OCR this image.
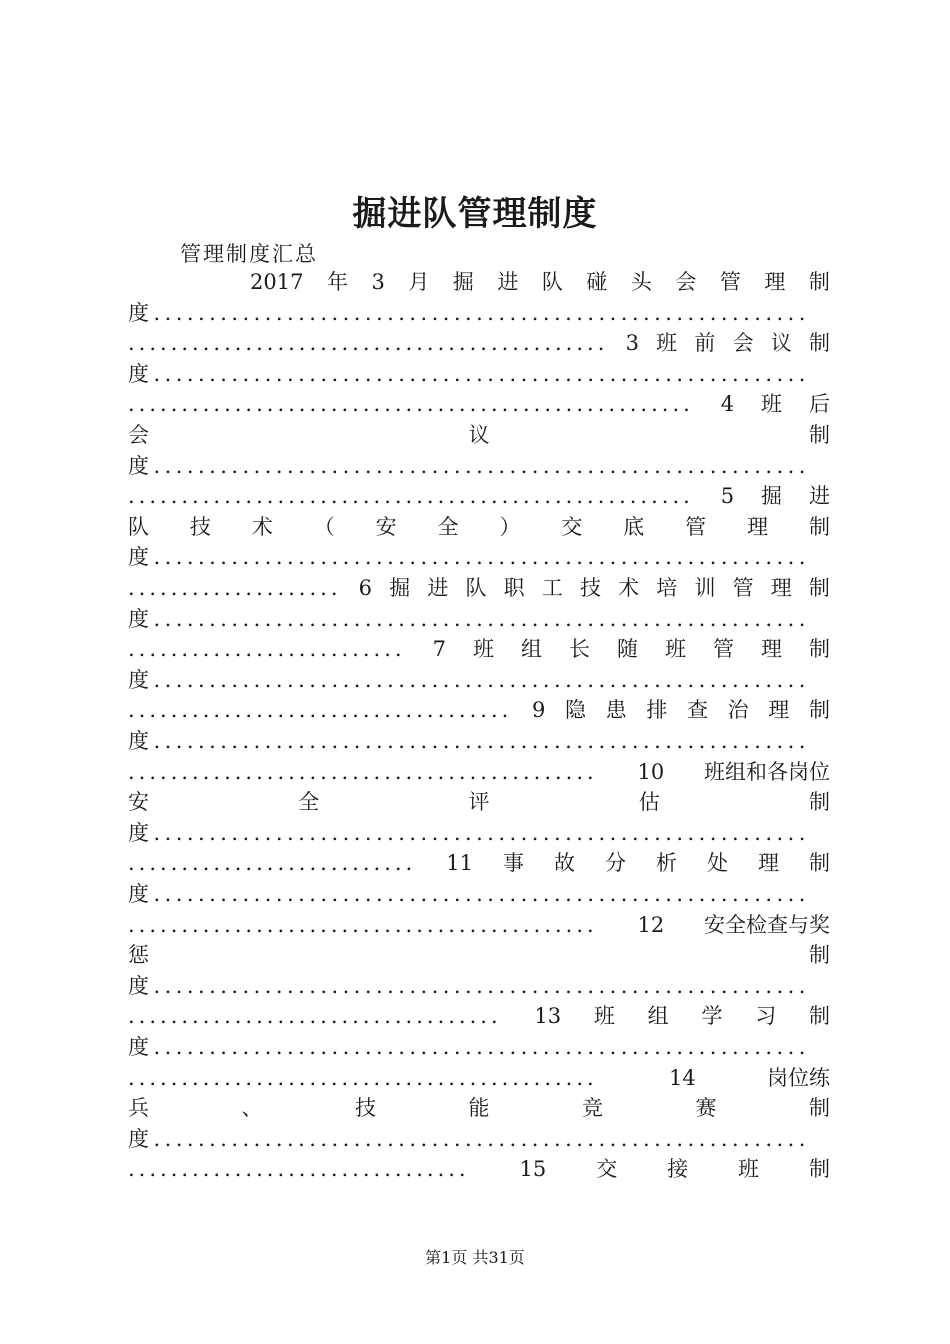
掘进队管理制度
管理制度汇总
2017 年 3 月 掘 进 队 碰 头 会 管 理 制
度...........................................................
............................................. 3 班 前 会 议 制
度...........................................................
..................................................... 4 班 后
会	议	制
度...........................................................
..................................................... 5 掘 进
队 技 术 （ 安 全 ） 交 底 管 理 制
度...........................................................
.................... 6 掘 进 队 职 工 技 术 培 训 管 理 制
度...........................................................
.......................... 7 班 组 长 随 班 管 理 制
度...........................................................
.................................... 9 隐 患 排 查 治 理 制
度...........................................................
............................................ 10 班组和各岗位
安	全	评	估	制
度...........................................................
........................... 11 事 故 分 析 处 理 制
度...........................................................
............................................ 12 安全检查与奖
惩	制
度...........................................................
................................... 13 班 组 学 习 制
度...........................................................
............................................	14	岗位练
兵	、	技	能	竞	赛	制
度...........................................................
................................ 15 交 接 班 制
第1页 共31页
